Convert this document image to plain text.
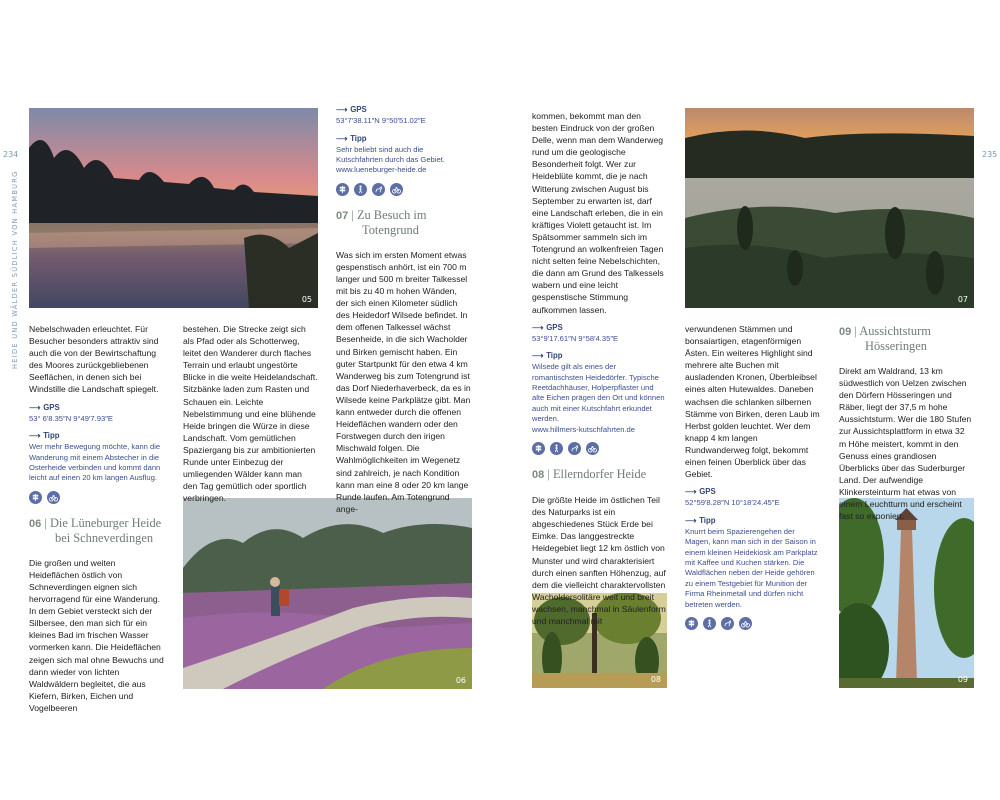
234	235
HEIDE UND WÄLDER SÜDLICH VON HAMBURG	05
06
07
08	09
Nebelschwaden erleuchtet. Für Besucher besonders attraktiv sind auch die von der Bewirtschaftung des Moores zurückgebliebenen Seeflächen, in denen sich bei Windstille die Landschaft spiegelt.
⟶ GPS
53° 6′8.35″N 9°49′7.93″E
⟶ Tipp
Wer mehr Bewegung möchte, kann die Wanderung mit einem Abstecher in die Osterheide verbinden und kommt dann leicht auf einen 20 km langen Ausflug.
06 | Die Lüneburger Heide
bei Schneverdingen
Die großen und weiten Heideflächen östlich von Schneverdingen eignen sich hervorragend für eine Wanderung. In dem Gebiet versteckt sich der Silbersee, den man sich für ein kleines Bad im frischen Wasser vormerken kann. Die Heideflächen zeigen sich mal ohne Bewuchs und dann wieder von lichten Waldwäldern begleitet, die aus Kiefern, Birken, Eichen und Vogelbeeren
bestehen. Die Strecke zeigt sich als Pfad oder als Schotterweg, leitet den Wanderer durch flaches Terrain und erlaubt ungestörte Blicke in die weite Heidelandschaft. Sitzbänke laden zum Rasten und Schauen ein. Leichte Nebelstimmung und eine blühende Heide bringen die Würze in diese Landschaft. Vom gemütlichen Spaziergang bis zur ambitionierten Runde unter Einbezug der umliegenden Wälder kann man den Tag gemütlich oder sportlich verbringen.
⟶ GPS
53°7′38.11″N 9°50′51.02″E
⟶ Tipp
Sehr beliebt sind auch die Kutschfahrten durch das Gebiet.
www.lueneburger-heide.de
07 | Zu Besuch im
Totengrund
Was sich im ersten Moment etwas gespenstisch anhört, ist ein 700 m langer und 500 m breiter Talkessel mit bis zu 40 m hohen Wänden, der sich einen Kilometer südlich des Heidedorf Wilsede befindet. In dem offenen Talkessel wächst Besenheide, in die sich Wacholder und Birken gemischt haben. Ein guter Startpunkt für den etwa 4 km Wanderweg bis zum Totengrund ist das Dorf Niederhaverbeck, da es in Wilsede keine Parkplätze gibt. Man kann entweder durch die offenen Heideflächen wandern oder den Forstwegen durch den irigen Mischwald folgen. Die Wahlmöglichkeiten im Wegenetz sind zahlreich, je nach Kondition kann man eine 8 oder 20 km lange Runde laufen. Am Totengrund ange-
kommen, bekommt man den besten Eindruck von der großen Delle, wenn man dem Wanderweg rund um die geologische Besonderheit folgt. Wer zur Heideblüte kommt, die je nach Witterung zwischen August bis September zu erwarten ist, darf eine Landschaft erleben, die in ein kräftiges Violett getaucht ist. Im Spätsommer sammeln sich im Totengrund an wolkenfreien Tagen nicht selten feine Nebelschichten, die dann am Grund des Talkessels wabern und eine leicht gespenstische Stimmung aufkommen lassen.
⟶ GPS
53°9′17.61″N 9°58′4.35″E
⟶ Tipp
Wilsede gilt als eines der romantischsten Heidedörfer. Typische Reetdachhäuser, Holperpflaster und alte Eichen prägen den Ort und können auch mit einer Kutschfahrt erkundet werden.
www.hillmers-kutschfahrten.de
08 | Ellerndorfer Heide
Die größte Heide im östlichen Teil des Naturparks ist ein abgeschiedenes Stück Erde bei Eimke. Das langgestreckte Heidegebiet liegt 12 km östlich von Munster und wird charakterisiert durch einen sanften Höhenzug, auf dem die vielleicht charaktervollsten Wacholdersolitäre weit und breit wachsen, manchmal in Säulenform und manchmal mit
verwundenen Stämmen und bonsaiartigen, etagenförmigen Ästen. Ein weiteres Highlight sind mehrere alte Buchen mit ausladenden Kronen, Überbleibsel eines alten Hutewaldes. Daneben wachsen die schlanken silbernen Stämme von Birken, deren Laub im Herbst golden leuchtet. Wer dem knapp 4 km langen Rundwanderweg folgt, bekommt einen feinen Überblick über das Gebiet.
⟶ GPS
52°59′8.28″N 10°18′24.45″E
⟶ Tipp
Knurrt beim Spazierengehen der Magen, kann man sich in der Saison in einem kleinen Heidekiosk am Parkplatz mit Kaffee und Kuchen stärken. Die Waldflächen neben der Heide gehören zu einem Testgebiet für Munition der Firma Rheinmetall und dürfen nicht betreten werden.
09 | Aussichtsturm
Hösseringen
Direkt am Waldrand, 13 km südwestlich von Uelzen zwischen den Dörfern Hösseringen und Räber, liegt der 37,5 m hohe Aussichtsturm. Wer die 180 Stufen zur Aussichtsplattform in etwa 32 m Höhe meistert, kommt in den Genuss eines grandiosen Überblicks über das Suderburger Land. Der aufwendige Klinkersteinturm hat etwas von einem Leuchtturm und erscheint fast so exponiert.
